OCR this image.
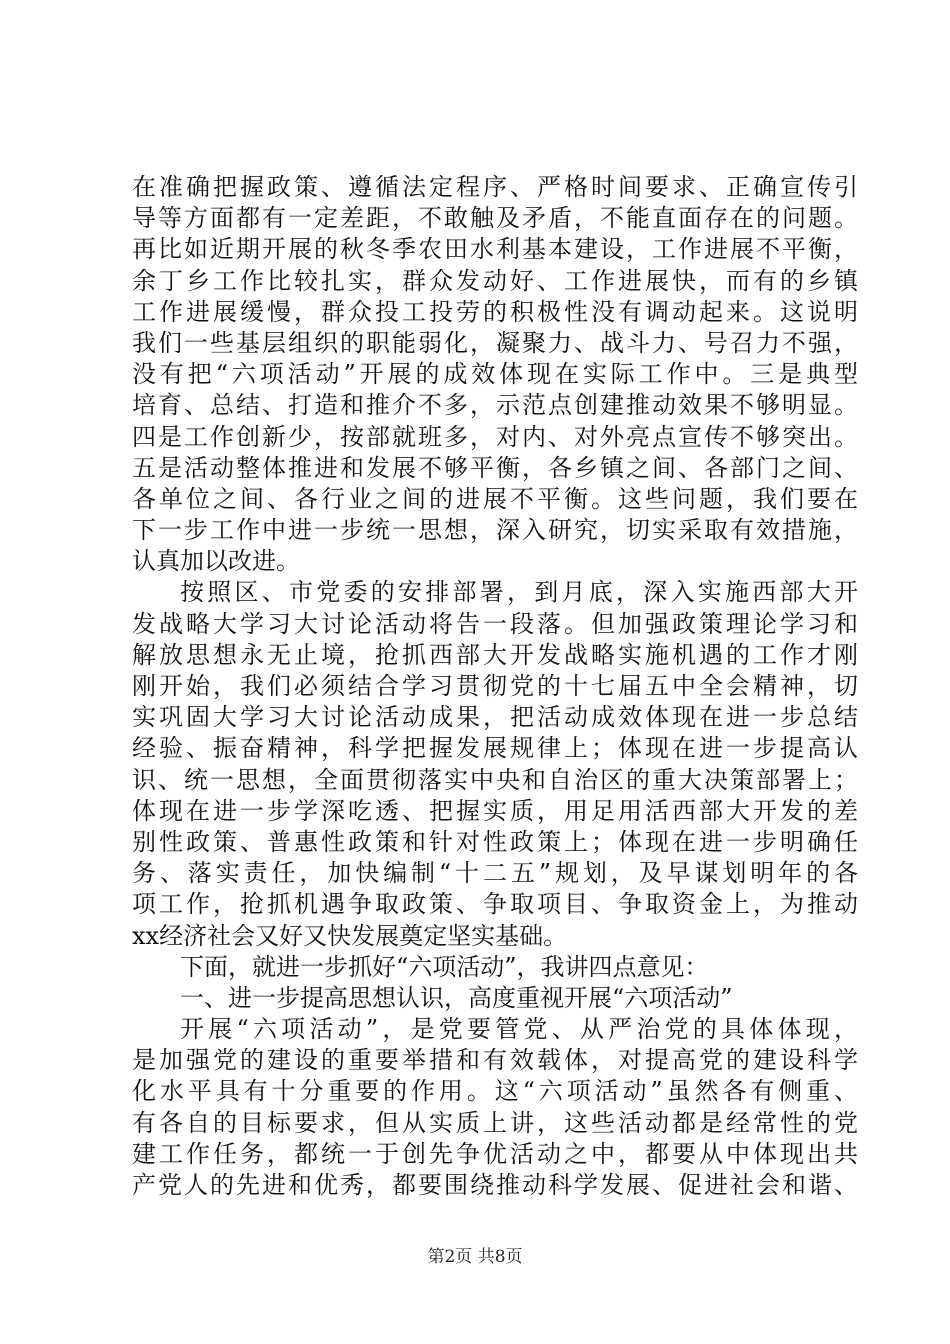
在准确把握政策、遵循法定程序、严格时间要求、正确宣传引
导等方面都有一定差距，不敢触及矛盾，不能直面存在的问题。
再比如近期开展的秋冬季农田水利基本建设，工作进展不平衡，
余丁乡工作比较扎实，群众发动好、工作进展快，而有的乡镇
工作进展缓慢，群众投工投劳的积极性没有调动起来。这说明
我们一些基层组织的职能弱化，凝聚力、战斗力、号召力不强，
没有把“六项活动”开展的成效体现在实际工作中。三是典型
培育、总结、打造和推介不多，示范点创建推动效果不够明显。
四是工作创新少，按部就班多，对内、对外亮点宣传不够突出。
五是活动整体推进和发展不够平衡，各乡镇之间、各部门之间、
各单位之间、各行业之间的进展不平衡。这些问题，我们要在
下一步工作中进一步统一思想，深入研究，切实采取有效措施，
认真加以改进。
按照区、市党委的安排部署，到月底，深入实施西部大开
发战略大学习大讨论活动将告一段落。但加强政策理论学习和
解放思想永无止境，抢抓西部大开发战略实施机遇的工作才刚
刚开始，我们必须结合学习贯彻党的十七届五中全会精神，切
实巩固大学习大讨论活动成果，把活动成效体现在进一步总结
经验、振奋精神，科学把握发展规律上；体现在进一步提高认
识、统一思想，全面贯彻落实中央和自治区的重大决策部署上；
体现在进一步学深吃透、把握实质，用足用活西部大开发的差
别性政策、普惠性政策和针对性政策上；体现在进一步明确任
务、落实责任，加快编制“十二五”规划，及早谋划明年的各
项工作，抢抓机遇争取政策、争取项目、争取资金上，为推动
xx经济社会又好又快发展奠定坚实基础。
下面，就进一步抓好“六项活动”，我讲四点意见：
一、进一步提高思想认识，高度重视开展“六项活动”
开展“六项活动”，是党要管党、从严治党的具体体现，
是加强党的建设的重要举措和有效载体，对提高党的建设科学
化水平具有十分重要的作用。这“六项活动”虽然各有侧重、
有各自的目标要求，但从实质上讲，这些活动都是经常性的党
建工作任务，都统一于创先争优活动之中，都要从中体现出共
产党人的先进和优秀，都要围绕推动科学发展、促进社会和谐、
第2页 共8页
